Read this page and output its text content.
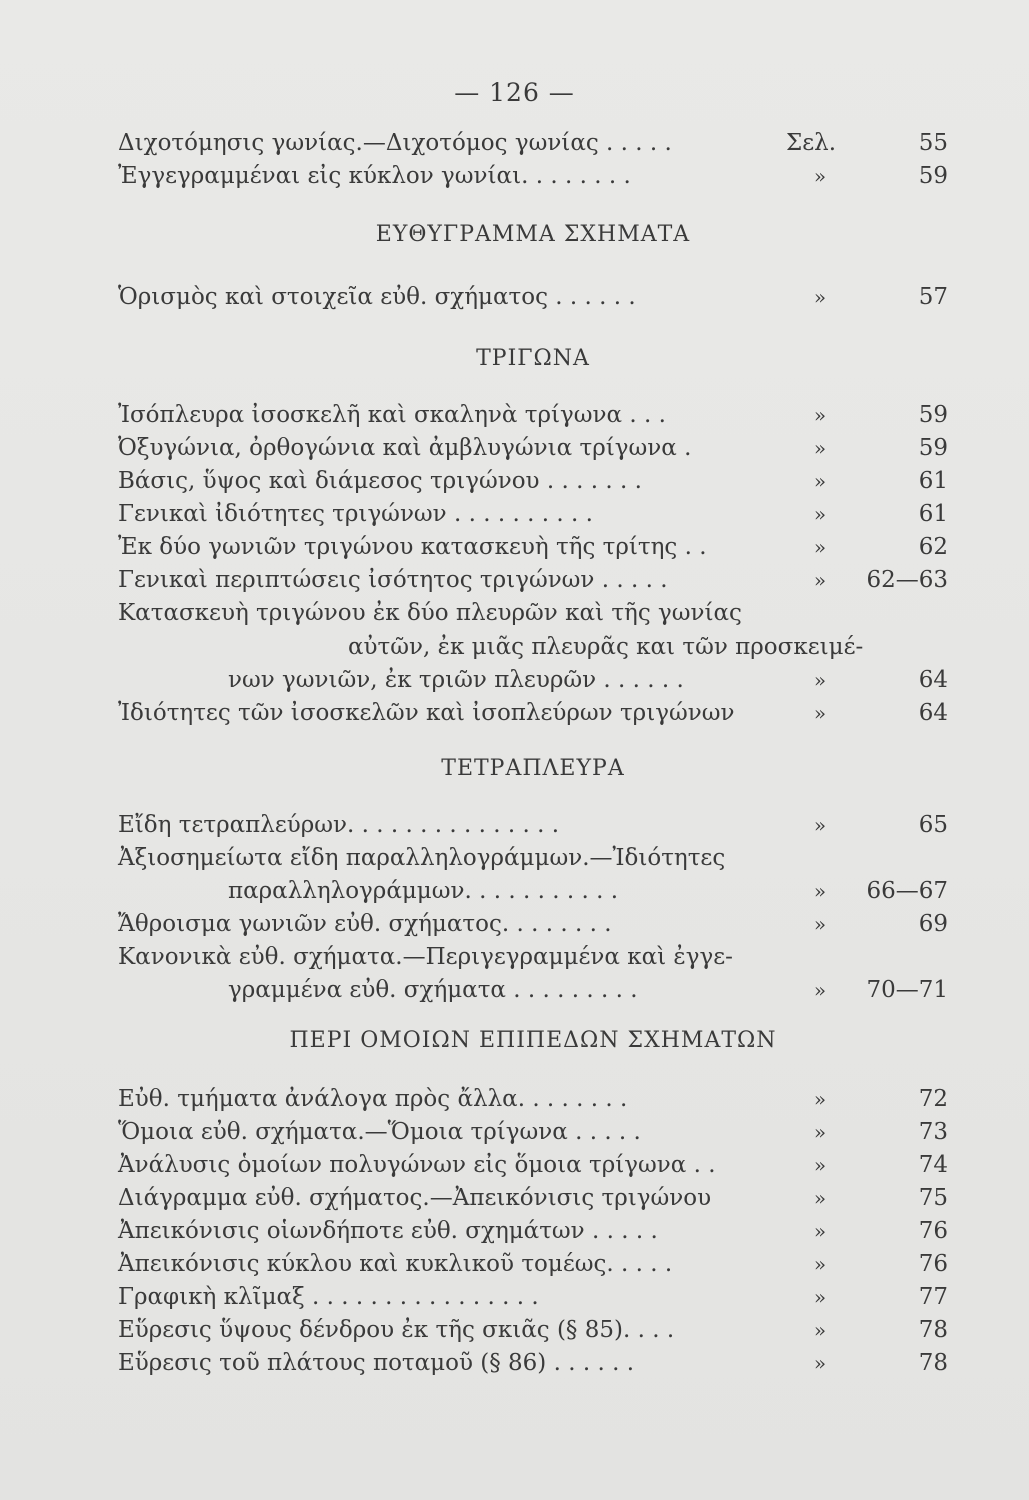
— 126 —
Διχοτόμησις γωνίας.—Διχοτόμος γωνίας . . . . .	Σελ.	55
Ἐγγεγραμμέναι εἰς κύκλον γωνίαι. . . . . . . .	»	59
ΕΥΘΥΓΡΑΜΜΑ ΣΧΗΜΑΤΑ
Ὁρισμὸς καὶ στοιχεῖα εὐθ. σχήματος . . . . . .	»	57
ΤΡΙΓΩΝΑ
Ἰσόπλευρα ἰσοσκελῆ καὶ σκαληνὰ τρίγωνα . . .	»	59
Ὀξυγώνια, ὀρθογώνια καὶ ἀμβλυγώνια τρίγωνα .	»	59
Βάσις, ὕψος καὶ διάμεσος τριγώνου . . . . . . .	»	61
Γενικαὶ ἰδιότητες τριγώνων . . . . . . . . . .	»	61
Ἐκ δύο γωνιῶν τριγώνου κατασκευὴ τῆς τρίτης . .	»	62
Γενικαὶ περιπτώσεις ἰσότητος τριγώνων . . . . .	» 62—63
Κατασκευὴ τριγώνου ἐκ δύο πλευρῶν καὶ τῆς γωνίας
αὐτῶν, ἐκ μιᾶς πλευρᾶς και τῶν προσκειμέ-
νων γωνιῶν, ἐκ τριῶν πλευρῶν . . . . . .	»	64
Ἰδιότητες τῶν ἰσοσκελῶν καὶ ἰσοπλεύρων τριγώνων	»	64
ΤΕΤΡΑΠΛΕΥΡΑ
Εἴδη τετραπλεύρων. . . . . . . . . . . . . . .	»	65
Ἀξιοσημείωτα εἴδη παραλληλογράμμων.—Ἰδιότητες
παραλληλογράμμων. . . . . . . . . . .	» 66—67
Ἄθροισμα γωνιῶν εὐθ. σχήματος. . . . . . . .	»	69
Κανονικὰ εὐθ. σχήματα.—Περιγεγραμμένα καὶ ἐγγε-
γραμμένα εὐθ. σχήματα . . . . . . . . .	» 70—71
ΠΕΡΙ ΟΜΟΙΩΝ ΕΠΙΠΕΔΩΝ ΣΧΗΜΑΤΩΝ
Εὐθ. τμήματα ἀνάλογα πρὸς ἄλλα. . . . . . . .	»	72
Ὅμοια εὐθ. σχήματα.—Ὅμοια τρίγωνα . . . . .	»	73
Ἀνάλυσις ὁμοίων πολυγώνων εἰς ὅμοια τρίγωνα . .	»	74
Διάγραμμα εὐθ. σχήματος.—Ἀπεικόνισις τριγώνου	»	75
Ἀπεικόνισις οἱωνδήποτε εὐθ. σχημάτων . . . . .	»	76
Ἀπεικόνισις κύκλου καὶ κυκλικοῦ τομέως. . . . .	»	76
Γραφικὴ κλῖμαξ . . . . . . . . . . . . . . . .	»	77
Εὕρεσις ὕψους δένδρου ἐκ τῆς σκιᾶς (§ 85). . . .	»	78
Εὕρεσις τοῦ πλάτους ποταμοῦ (§ 86) . . . . . .	»	78
